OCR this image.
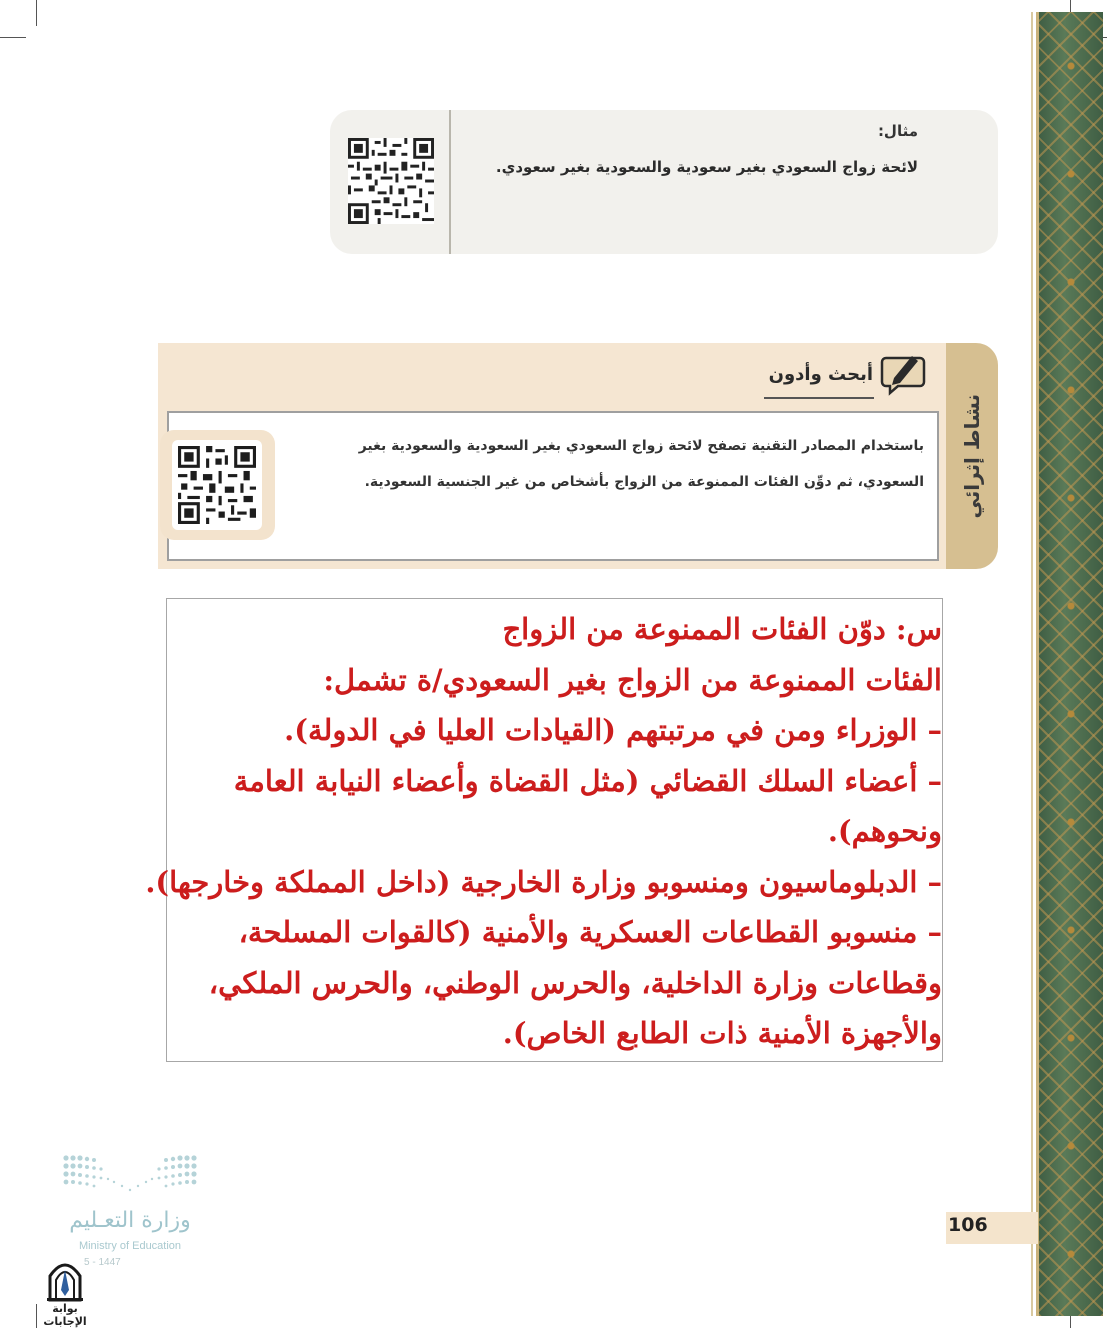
مثال:
لائحة زواج السعودي بغير سعودية والسعودية بغير سعودي.
نشاط إثرائي
أبحث وأدون
باستخدام المصادر التقنية تصفح لائحة زواج السعودي بغير السعودية والسعودية بغير السعودي، ثم دوِّن الفئات الممنوعة من الزواج بأشخاص من غير الجنسية السعودية.
س: دوّن الفئات الممنوعة من الزواج
الفئات الممنوعة من الزواج بغير السعودي/ة تشمل:
– الوزراء ومن في مرتبتهم (القيادات العليا في الدولة).
– أعضاء السلك القضائي (مثل القضاة وأعضاء النيابة العامة
ونحوهم).
– الدبلوماسيون ومنسوبو وزارة الخارجية (داخل المملكة وخارجها).
– منسوبو القطاعات العسكرية والأمنية (كالقوات المسلحة،
وقطاعات وزارة الداخلية، والحرس الوطني، والحرس الملكي،
والأجهزة الأمنية ذات الطابع الخاص).
106
وزارة التعـليم
Ministry of Education
5 - 1447
بوابة الإجابات
